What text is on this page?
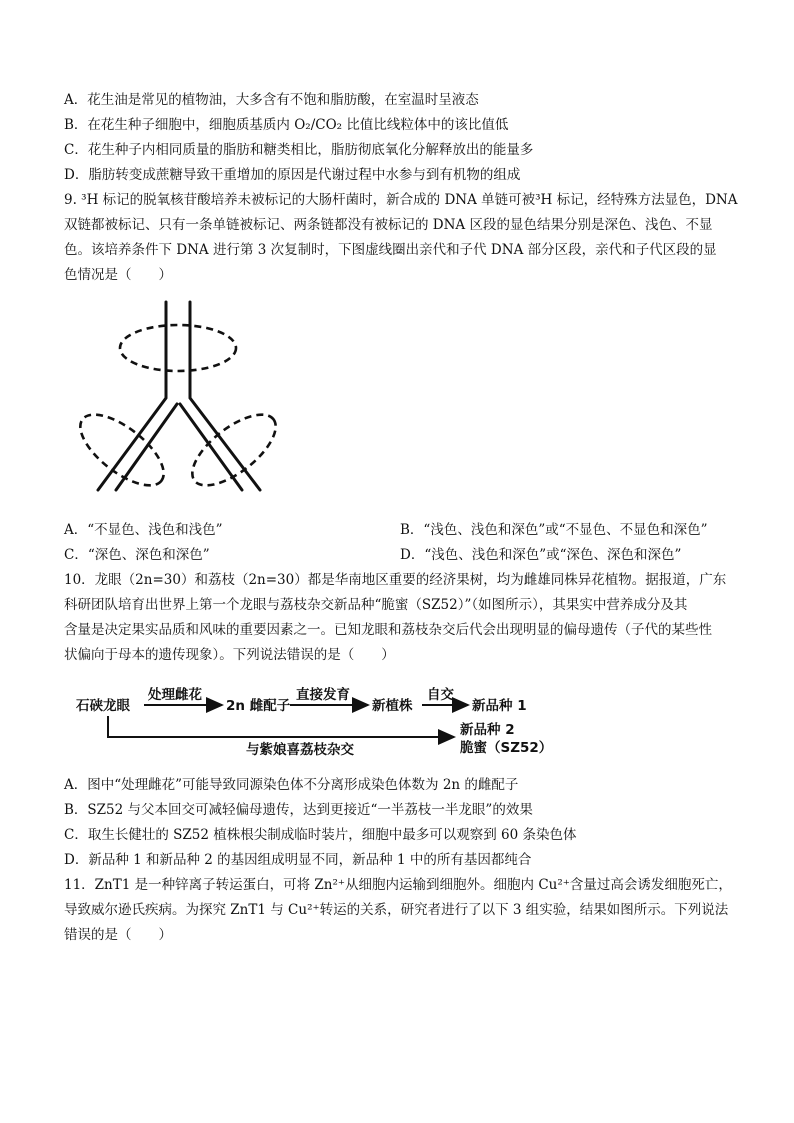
A．花生油是常见的植物油，大多含有不饱和脂肪酸，在室温时呈液态
B．在花生种子细胞中，细胞质基质内 O₂/CO₂ 比值比线粒体中的该比值低
C．花生种子内相同质量的脂肪和糖类相比，脂肪彻底氧化分解释放出的能量多
D．脂肪转变成蔗糖导致干重增加的原因是代谢过程中水参与到有机物的组成
9. ³H 标记的脱氧核苷酸培养未被标记的大肠杆菌时，新合成的 DNA 单链可被³H 标记，经特殊方法显色，DNA
双链都被标记、只有一条单链被标记、两条链都没有被标记的 DNA 区段的显色结果分别是深色、浅色、不显
色。该培养条件下 DNA 进行第 3 次复制时，下图虚线圈出亲代和子代 DNA 部分区段，亲代和子代区段的显
色情况是（　　）
A．“不显色、浅色和浅色”	B．“浅色、浅色和深色”或“不显色、不显色和深色”
C．“深色、深色和深色”	D．“浅色、浅色和深色”或“深色、深色和深色”
10．龙眼（2n=30）和荔枝（2n=30）都是华南地区重要的经济果树，均为雌雄同株异花植物。据报道，广东
科研团队培育出世界上第一个龙眼与荔枝杂交新品种“脆蜜（SZ52）”（如图所示），其果实中营养成分及其
含量是决定果实品质和风味的重要因素之一。已知龙眼和荔枝杂交后代会出现明显的偏母遗传（子代的某些性
状偏向于母本的遗传现象）。下列说法错误的是（　　）
石硖龙眼
处理雌花
2n 雌配子
直接发育
新植株
自交
新品种 1
新品种 2
脆蜜（SZ52）
与紫娘喜荔枝杂交
A．图中“处理雌花”可能导致同源染色体不分离形成染色体数为 2n 的雌配子
B．SZ52 与父本回交可减轻偏母遗传，达到更接近“一半荔枝一半龙眼”的效果
C．取生长健壮的 SZ52 植株根尖制成临时装片，细胞中最多可以观察到 60 条染色体
D．新品种 1 和新品种 2 的基因组成明显不同，新品种 1 中的所有基因都纯合
11．ZnT1 是一种锌离子转运蛋白，可将 Zn²⁺从细胞内运输到细胞外。细胞内 Cu²⁺含量过高会诱发细胞死亡，
导致威尔逊氏疾病。为探究 ZnT1 与 Cu²⁺转运的关系，研究者进行了以下 3 组实验，结果如图所示。下列说法
错误的是（　　）
